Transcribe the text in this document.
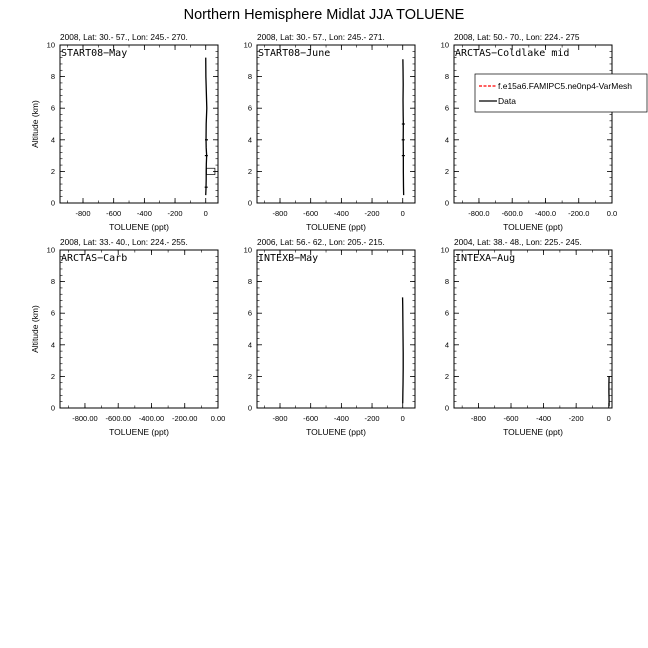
Northern Hemisphere Midlat JJA TOLUENE
2008, Lat: 30.- 57., Lon: 245.- 270.
0
2
4
6
8
10
-800 -600 -400 -200	0
TOLUENE (ppt)
Altitude (km)
START08−May
2008, Lat: 30.- 57., Lon: 245.- 271.
0
2
4
6
8
10
-800 -600 -400 -200	0
TOLUENE (ppt)
START08−June
2008, Lat: 50.- 70., Lon: 224.- 275
0
2
4
6
8
10
-800.0 -600.0 -400.0 -200.0 0.0
TOLUENE (ppt)
ARCTAS−Coldlake mid
f.e15a6.FAMIPC5.ne0np4-VarMesh
Data
2008, Lat: 33.- 40., Lon: 224.- 255.
0
2
4
6
8
10
-800.00 -600.00 -400.00 -200.00 0.00
TOLUENE (ppt)
Altitude (km)
ARCTAS−Carb
2006, Lat: 56.- 62., Lon: 205.- 215.
0
2
4
6
8
10
-800 -600 -400 -200	0
TOLUENE (ppt)
INTEXB−May
2004, Lat: 38.- 48., Lon: 225.- 245.
0
2
4
6
8
10
-800 -600 -400 -200	0
TOLUENE (ppt)
INTEXA−Aug
